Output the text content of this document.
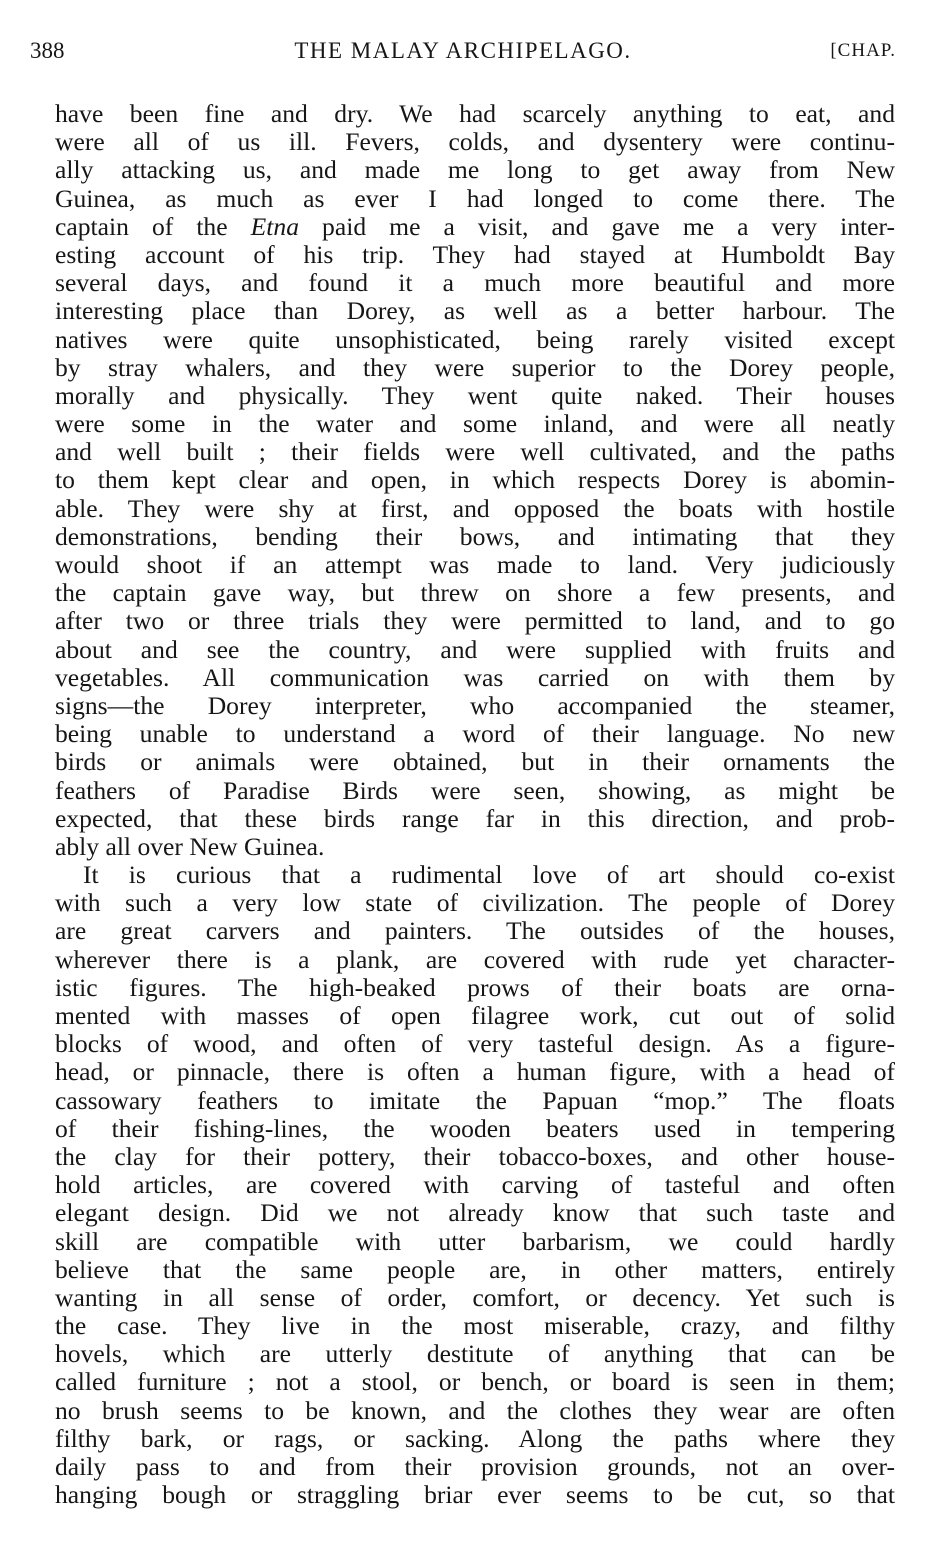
388	THE MALAY ARCHIPELAGO.	[CHAP.
have been fine and dry. We had scarcely anything to eat, and
were all of us ill. Fevers, colds, and dysentery were continu-
ally attacking us, and made me long to get away from New
Guinea, as much as ever I had longed to come there. The
captain of the Etna paid me a visit, and gave me a very inter-
esting account of his trip. They had stayed at Humboldt Bay
several days, and found it a much more beautiful and more
interesting place than Dorey, as well as a better harbour. The
natives were quite unsophisticated, being rarely visited except
by stray whalers, and they were superior to the Dorey people,
morally and physically. They went quite naked. Their houses
were some in the water and some inland, and were all neatly
and well built ; their fields were well cultivated, and the paths
to them kept clear and open, in which respects Dorey is abomin-
able. They were shy at first, and opposed the boats with hostile
demonstrations, bending their bows, and intimating that they
would shoot if an attempt was made to land. Very judiciously
the captain gave way, but threw on shore a few presents, and
after two or three trials they were permitted to land, and to go
about and see the country, and were supplied with fruits and
vegetables. All communication was carried on with them by
signs—the Dorey interpreter, who accompanied the steamer,
being unable to understand a word of their language. No new
birds or animals were obtained, but in their ornaments the
feathers of Paradise Birds were seen, showing, as might be
expected, that these birds range far in this direction, and prob-
ably all over New Guinea.
It is curious that a rudimental love of art should co-exist
with such a very low state of civilization. The people of Dorey
are great carvers and painters. The outsides of the houses,
wherever there is a plank, are covered with rude yet character-
istic figures. The high-beaked prows of their boats are orna-
mented with masses of open filagree work, cut out of solid
blocks of wood, and often of very tasteful design. As a figure-
head, or pinnacle, there is often a human figure, with a head of
cassowary feathers to imitate the Papuan “mop.” The floats
of their fishing-lines, the wooden beaters used in tempering
the clay for their pottery, their tobacco-boxes, and other house-
hold articles, are covered with carving of tasteful and often
elegant design. Did we not already know that such taste and
skill are compatible with utter barbarism, we could hardly
believe that the same people are, in other matters, entirely
wanting in all sense of order, comfort, or decency. Yet such is
the case. They live in the most miserable, crazy, and filthy
hovels, which are utterly destitute of anything that can be
called furniture ; not a stool, or bench, or board is seen in them;
no brush seems to be known, and the clothes they wear are often
filthy bark, or rags, or sacking. Along the paths where they
daily pass to and from their provision grounds, not an over-
hanging bough or straggling briar ever seems to be cut, so that
